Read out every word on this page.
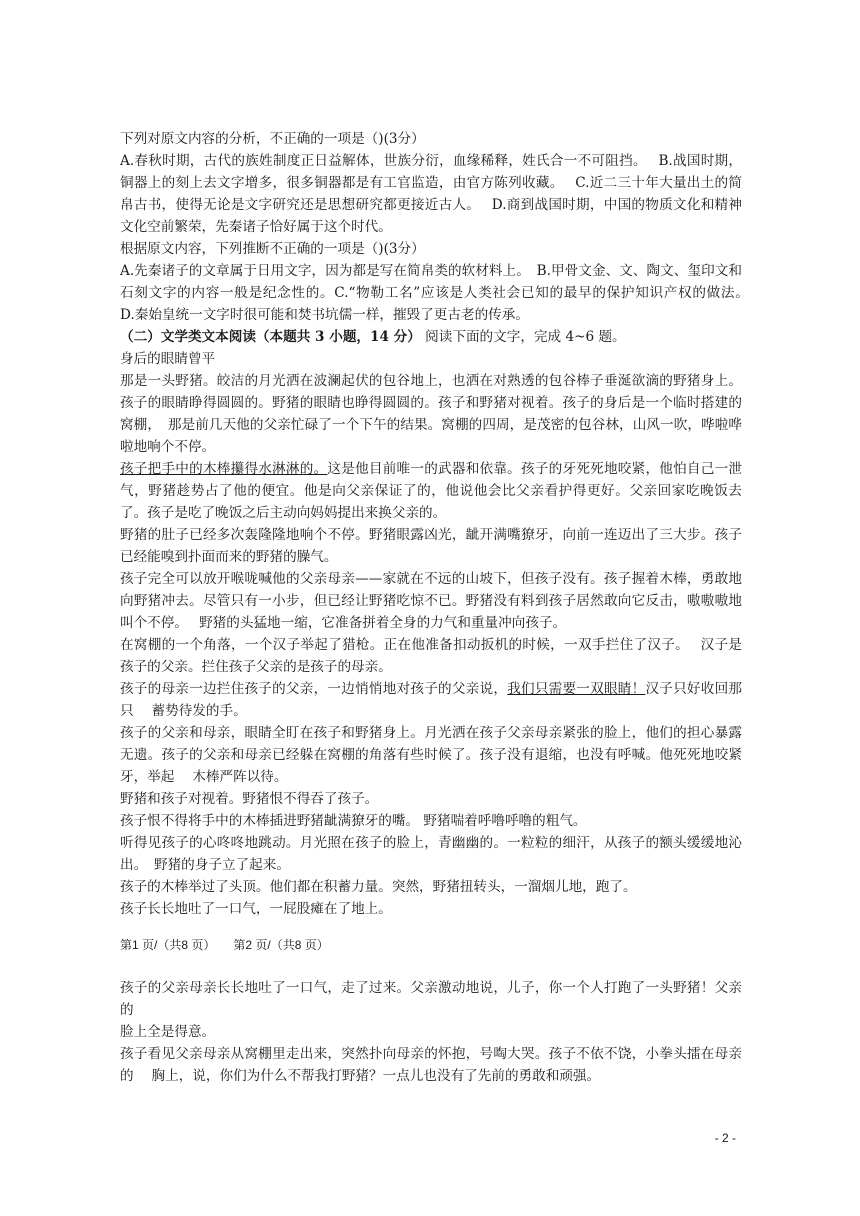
下列对原文内容的分析，不正确的一项是（)(3分）

A.春秋时期，古代的族姓制度正日益解体，世族分衍，血缘稀释，姓氏合一不可阻挡。　 B.战国时期，铜器上的刻上去文字增多，很多铜器都是有工官监造，由官方陈列收藏。　 C.近二三十年大量出土的简帛古书，使得无论是文字研究还是思想研究都更接近古人。　 D.商到战国时期，中国的物质文化和精神文化空前繁荣，先秦诸子恰好属于这个时代。

根据原文内容，下列推断不正确的一项是（)(3分）

A.先秦诸子的文章属于日用文字，因为都是写在简帛类的软材料上。　B.甲骨文金、文、陶文、玺印文和石刻文字的内容一般是纪念性的。C.“物勒工名”应该是人类社会已知的最早的保护知识产权的做法。　 D.秦始皇统一文字时很可能和焚书坑儒一样，摧毁了更古老的传承。

（二）文学类文本阅读（本题共 3 小题，14 分） 阅读下面的文字，完成 4~6 题。

身后的眼睛曾平

那是一头野猪。皎洁的月光洒在波澜起伏的包谷地上，也洒在对熟透的包谷棒子垂涎欲滴的野猪身上。孩子的眼睛睁得圆圆的。野猪的眼睛也睁得圆圆的。孩子和野猪对视着。孩子的身后是一个临时搭建的窝棚，　那是前几天他的父亲忙碌了一个下午的结果。窝棚的四周，是茂密的包谷林，山风一吹，哗啦哗啦地响个不停。

孩子把手中的木棒攥得水淋淋的。这是他目前唯一的武器和依靠。孩子的牙死死地咬紧，他怕自己一泄气，野猪趁势占了他的便宜。他是向父亲保证了的，他说他会比父亲看护得更好。父亲回家吃晚饭去了。孩子是吃了晚饭之后主动向妈妈提出来换父亲的。

野猪的肚子已经多次轰隆隆地响个不停。野猪眼露凶光，龇开满嘴獠牙，向前一连迈出了三大步。孩子已经能嗅到扑面而来的野猪的臊气。

孩子完全可以放开喉咙喊他的父亲母亲——家就在不远的山坡下，但孩子没有。孩子握着木棒，勇敢地向野猪冲去。尽管只有一小步，但已经让野猪吃惊不已。野猪没有料到孩子居然敢向它反击，嗷嗷嗷地叫个不停。　 野猪的头猛地一缩，它准备拼着全身的力气和重量冲向孩子。

在窝棚的一个角落，一个汉子举起了猎枪。正在他准备扣动扳机的时候，一双手拦住了汉子。　 汉子是孩子的父亲。拦住孩子父亲的是孩子的母亲。

孩子的母亲一边拦住孩子的父亲，一边悄悄地对孩子的父亲说，我们只需要一双眼睛！汉子只好收回那只　 蓄势待发的手。

孩子的父亲和母亲，眼睛全盯在孩子和野猪身上。月光洒在孩子父亲母亲紧张的脸上，他们的担心暴露无遗。孩子的父亲和母亲已经躲在窝棚的角落有些时候了。孩子没有退缩，也没有呼喊。他死死地咬紧牙，举起　 木棒严阵以待。

野猪和孩子对视着。野猪恨不得吞了孩子。

孩子恨不得将手中的木棒插进野猪龇满獠牙的嘴。 野猪喘着呼噜呼噜的粗气。

听得见孩子的心咚咚地跳动。月光照在孩子的脸上，青幽幽的。一粒粒的细汗，从孩子的额头缓缓地沁出。　野猪的身子立了起来。

孩子的木棒举过了头顶。他们都在积蓄力量。突然，野猪扭转头，一溜烟儿地，跑了。

孩子长长地吐了一口气，一屁股瘫在了地上。

第1 页/（共8 页）　　第2 页/（共8 页）

孩子的父亲母亲长长地吐了一口气，走了过来。父亲激动地说，儿子，你一个人打跑了一头野猪！父亲的

脸上全是得意。

孩子看见父亲母亲从窝棚里走出来，突然扑向母亲的怀抱，号啕大哭。孩子不依不饶，小拳头擂在母亲的　 胸上，说，你们为什么不帮我打野猪？一点儿也没有了先前的勇敢和顽强。

- 2 -
